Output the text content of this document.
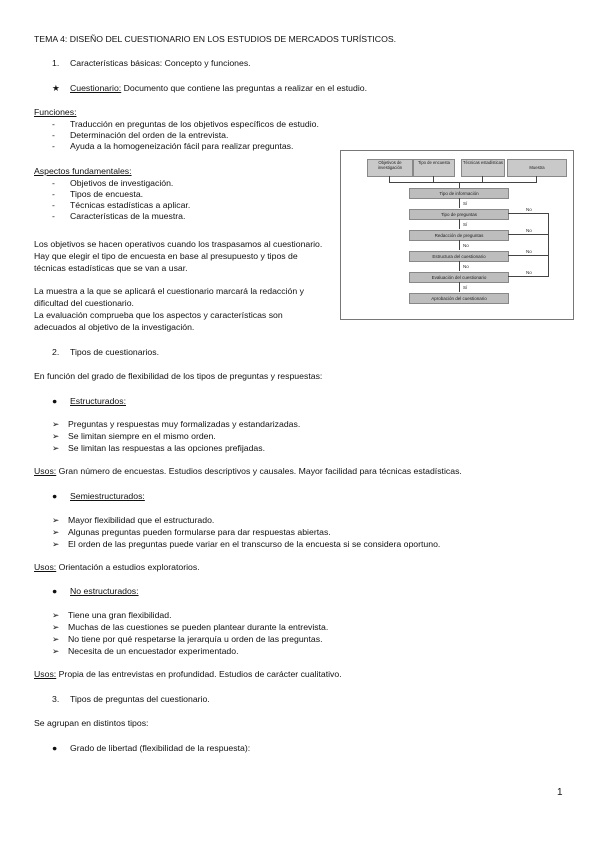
TEMA 4: DISEÑO DEL CUESTIONARIO EN LOS ESTUDIOS DE MERCADOS TURÍSTICOS.
1. Características básicas: Concepto y funciones.
★ Cuestionario: Documento que contiene las preguntas a realizar en el estudio.
Funciones:
- Traducción en preguntas de los objetivos específicos de estudio.
- Determinación del orden de la entrevista.
- Ayuda a la homogeneización fácil para realizar preguntas.
Aspectos fundamentales:
- Objetivos de investigación.
- Tipos de encuesta.
- Técnicas estadísticas a aplicar.
- Características de la muestra.
Los objetivos se hacen operativos cuando los traspasamos al cuestionario.
Hay que elegir el tipo de encuesta en base al presupuesto y tipos de
técnicas estadísticas que se van a usar.
La muestra a la que se aplicará el cuestionario marcará la redacción y
dificultad del cuestionario.
La evaluación comprueba que los aspectos y características son
adecuados al objetivo de la investigación.
Objetivos de investigación
Tipo de encuesta	Técnicas estadísticas
Muestra
Tipo de información
Sí
Tipo de preguntas
Sí
Redacción de preguntas
No
Estructura del cuestionario
No
Evaluación del cuestionario
Sí
Aprobación del cuestionario
No
No
No
No
2. Tipos de cuestionarios.
En función del grado de flexibilidad de los tipos de preguntas y respuestas:
● Estructurados:
➢ Preguntas y respuestas muy formalizadas y estandarizadas.
➢ Se limitan siempre en el mismo orden.
➢ Se limitan las respuestas a las opciones prefijadas.
Usos: Gran número de encuestas. Estudios descriptivos y causales. Mayor facilidad para técnicas estadísticas.
● Semiestructurados:
➢ Mayor flexibilidad que el estructurado.
➢ Algunas preguntas pueden formularse para dar respuestas abiertas.
➢ El orden de las preguntas puede variar en el transcurso de la encuesta si se considera oportuno.
Usos: Orientación a estudios exploratorios.
● No estructurados:
➢ Tiene una gran flexibilidad.
➢ Muchas de las cuestiones se pueden plantear durante la entrevista.
➢ No tiene por qué respetarse la jerarquía u orden de las preguntas.
➢ Necesita de un encuestador experimentado.
Usos: Propia de las entrevistas en profundidad. Estudios de carácter cualitativo.
3. Tipos de preguntas del cuestionario.
Se agrupan en distintos tipos:
● Grado de libertad (flexibilidad de la respuesta):
1
